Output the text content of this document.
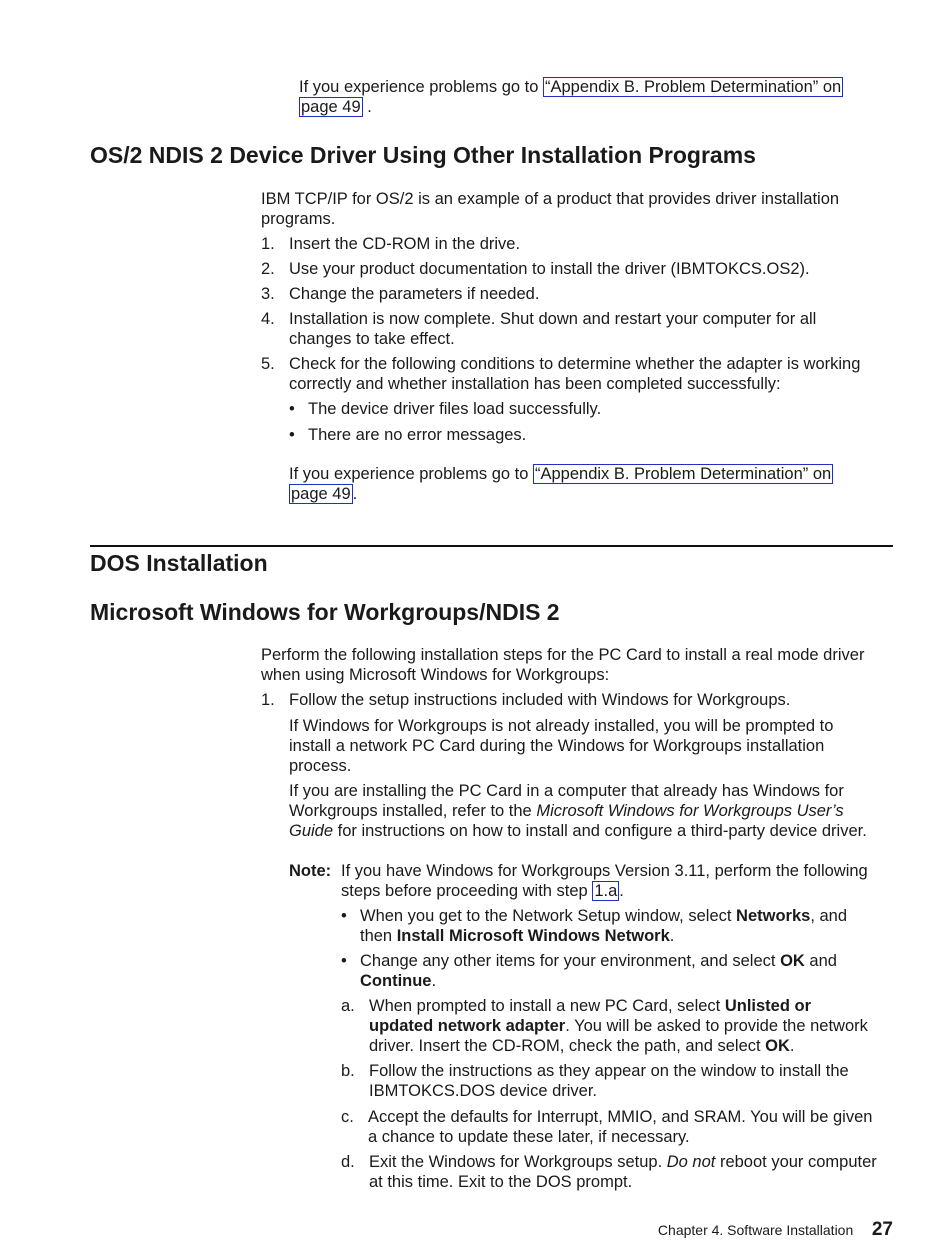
If you experience problems go to “Appendix B. Problem Determination” on
page 49 .
OS/2 NDIS 2 Device Driver Using Other Installation Programs

IBM TCP/IP for OS/2 is an example of a product that provides driver installation
programs.

1. Insert the CD-ROM in the drive.
2. Use your product documentation to install the driver (IBMTOKCS.OS2).
3. Change the parameters if needed.
4. Installation is now complete. Shut down and restart your computer for all
changes to take effect.
5. Check for the following conditions to determine whether the adapter is working
correctly and whether installation has been completed successfully:
• The device driver files load successfully.
• There are no error messages.
If you experience problems go to “Appendix B. Problem Determination” on
page 49 .
DOS Installation
Microsoft Windows for Workgroups/NDIS 2
Perform the following installation steps for the PC Card to install a real mode driver
when using Microsoft Windows for Workgroups:
1. Follow the setup instructions included with Windows for Workgroups.
If Windows for Workgroups is not already installed, you will be prompted to
install a network PC Card during the Windows for Workgroups installation
process.
If you are installing the PC Card in a computer that already has Windows for
Workgroups installed, refer to the Microsoft Windows for Workgroups User’s
Guide for instructions on how to install and configure a third-party device driver.
Note: If you have Windows for Workgroups Version 3.11, perform the following
steps before proceeding with step 1.a .
• When you get to the Network Setup window, select Networks, and
then Install Microsoft Windows Network.
• Change any other items for your environment, and select OK and
Continue.
a. When prompted to install a new PC Card, select Unlisted or
updated network adapter. You will be asked to provide the network
driver. Insert the CD-ROM, check the path, and select OK.
b. Follow the instructions as they appear on the window to install the
IBMTOKCS.DOS device driver.
c. Accept the defaults for Interrupt, MMIO, and SRAM. You will be given
a chance to update these later, if necessary.
d. Exit the Windows for Workgroups setup. Do not reboot your computer
at this time. Exit to the DOS prompt.
Chapter 4. Software Installation 27
